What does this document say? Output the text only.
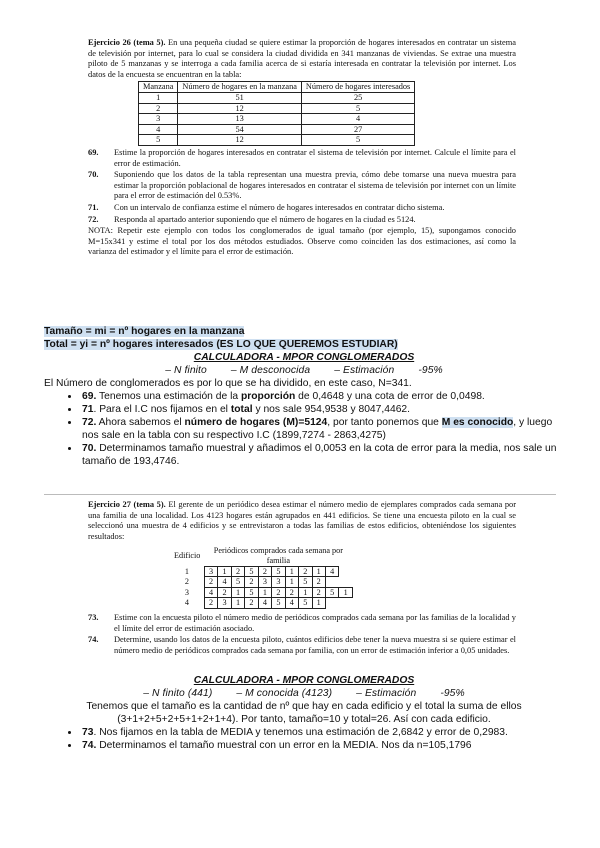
Ejercicio 26 (tema 5). En una pequeña ciudad se quiere estimar la proporción de hogares interesados en contratar un sistema de televisión por internet, para lo cual se considera la ciudad dividida en 341 manzanas de viviendas. Se extrae una muestra piloto de 5 manzanas y se interroga a cada familia acerca de si estaría interesada en contratar la televisión por internet. Los datos de la encuesta se encuentran en la tabla:
Manzana	Número de hogares en la manzana	Número de hogares interesados
1	51	25
2	12	5
3	13	4
4	54	27
5	12	5
69.	Estime la proporción de hogares interesados en contratar el sistema de televisión por internet. Calcule el límite para el error de estimación.
70.	Suponiendo que los datos de la tabla representan una muestra previa, cómo debe tomarse una nueva muestra para estimar la proporción poblacional de hogares interesados en contratar el sistema de televisión por internet con un límite para el error de estimación del 0.53%.
71.	Con un intervalo de confianza estime el número de hogares interesados en contratar dicho sistema.
72.	Responda al apartado anterior suponiendo que el número de hogares en la ciudad es 5124.
NOTA: Repetir este ejemplo con todos los conglomerados de igual tamaño (por ejemplo, 15), supongamos conocido M=15x341 y estime el total por los dos métodos estudiados. Observe como coinciden las dos estimaciones, así como la varianza del estimador y el límite para el error de estimación.
Tamaño = mi = nº hogares en la manzana
Total = yi = nº hogares interesados (ES LO QUE QUEREMOS ESTUDIAR)
CALCULADORA - MPOR CONGLOMERADOS
– N finito – M desconocida – Estimación -95%
El Número de conglomerados es por lo que se ha dividido, en este caso, N=341.
• 69. Tenemos una estimación de la proporción de 0,4648 y una cota de error de 0,0498.
• 71. Para el I.C nos fijamos en el total y nos sale 954,9538 y 8047,4462.
• 72. Ahora sabemos el número de hogares (M)=5124, por tanto ponemos que M es conocido, y luego nos sale en la tabla con su respectivo I.C (1899,7274 - 2863,4275)
• 70. Determinamos tamaño muestral y añadimos el 0,0053 en la cota de error para la media, nos sale un tamaño de 193,4746.
Ejercicio 27 (tema 5). El gerente de un periódico desea estimar el número medio de ejemplares comprados cada semana por una familia de una localidad. Los 4123 hogares están agrupados en 441 edificios. Se tiene una encuesta piloto en la cual se seleccionó una muestra de 4 edificios y se entrevistaron a todas las familias de estos edificios, obteniéndose los siguientes resultados:
Edificio	Periódicos comprados cada semana por familia										
1	3	1	2	5	2	5	1	2	1	4	
2	2	4	5	2	3	3	1	5	2		
3	4	2	1	5	1	2	2	1	2	5	1
4	2	3	1	2	4	5	4	5	1		
73.	Estime con la encuesta piloto el número medio de periódicos comprados cada semana por las familias de la localidad y el límite del error de estimación asociado.
74.	Determine, usando los datos de la encuesta piloto, cuántos edificios debe tener la nueva muestra si se quiere estimar el número medio de periódicos comprados cada semana por familia, con un error de estimación inferior a 0,05 unidades.
CALCULADORA - MPOR CONGLOMERADOS
– N finito (441) – M conocida (4123) – Estimación -95%
Tenemos que el tamaño es la cantidad de nº que hay en cada edificio y el total la suma de ellos (3+1+2+5+2+5+1+2+1+4). Por tanto, tamaño=10 y total=26. Así con cada edificio.
• 73. Nos fijamos en la tabla de MEDIA y tenemos una estimación de 2,6842 y error de 0,2983.
• 74. Determinamos el tamaño muestral con un error en la MEDIA. Nos da n=105,1796
